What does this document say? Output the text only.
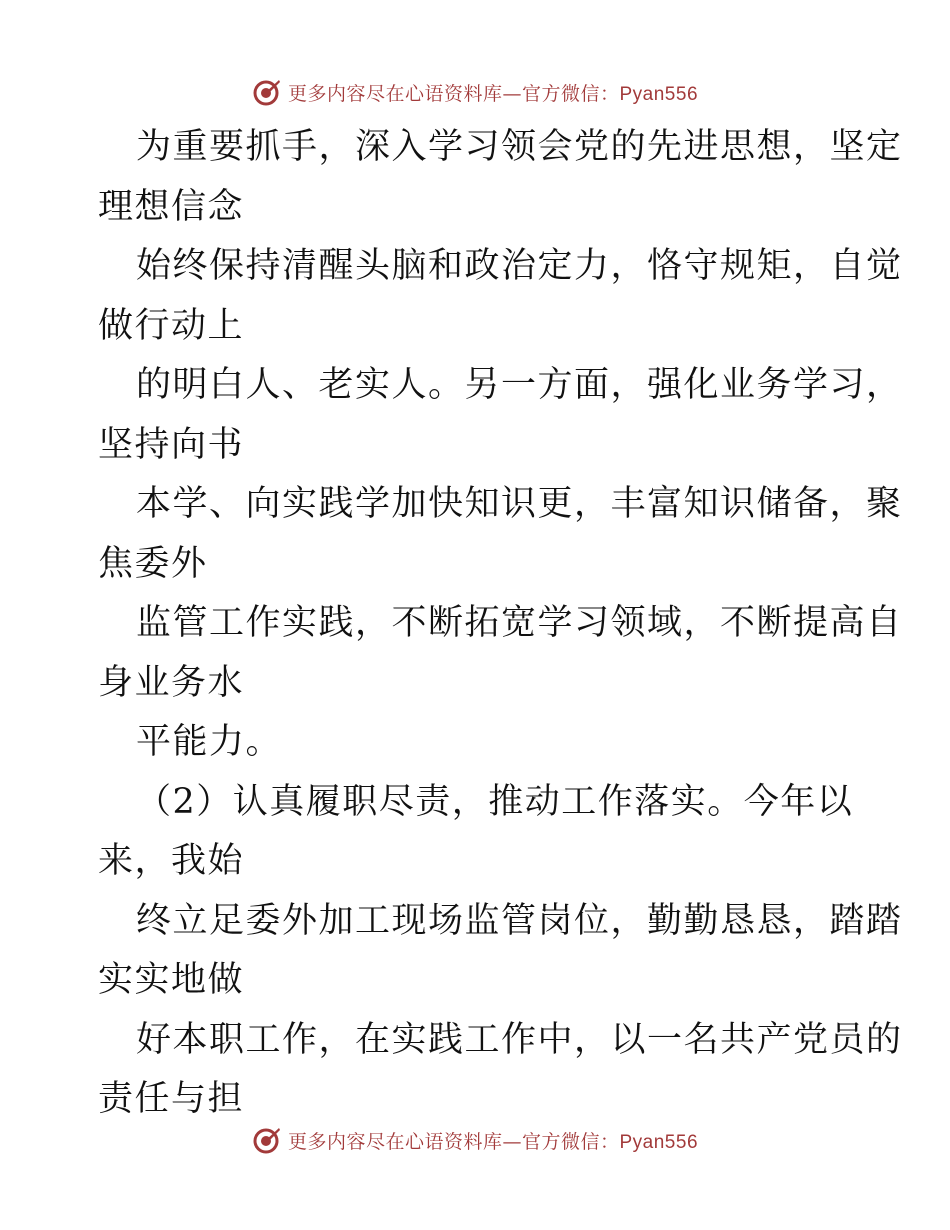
更多内容尽在心语资料库—官方微信：Pyan556
为重要抓手，深入学习领会党的先进思想，坚定
理想信念
始终保持清醒头脑和政治定力，恪守规矩，自觉
做行动上
的明白人、老实人。另一方面，强化业务学习，
坚持向书
本学、向实践学加快知识更，丰富知识储备，聚
焦委外
监管工作实践，不断拓宽学习领域，不断提高自
身业务水
平能力。
（2）认真履职尽责，推动工作落实。今年以
来，我始
终立足委外加工现场监管岗位，勤勤恳恳，踏踏
实实地做
好本职工作，在实践工作中，以一名共产党员的
责任与担
更多内容尽在心语资料库—官方微信：Pyan556
